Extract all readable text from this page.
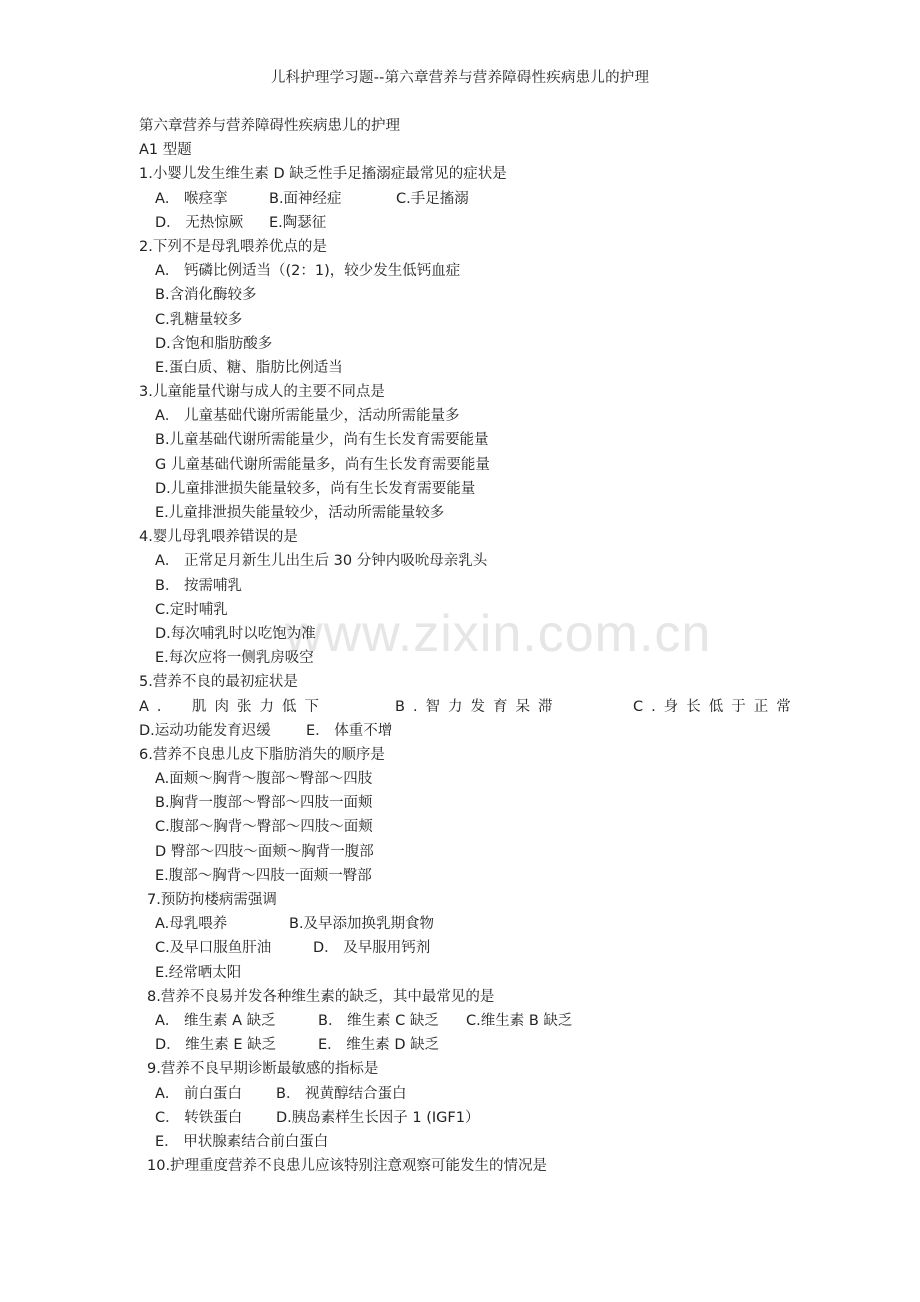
儿科护理学习题--第六章营养与营养障碍性疾病患儿的护理
www.zixin.com.cn
第六章营养与营养障碍性疾病患儿的护理
A1 型题
1.小婴儿发生维生素 D 缺乏性手足搐溺症最常见的症状是
A． 喉痉挛	B.面神经症	C.手足搐溺
D． 无热惊厥 E.陶瑟征
2.下列不是母乳喂养优点的是
A． 钙磷比例适当（(2：1)，较少发生低钙血症
B.含消化酶较多
C.乳糖量较多
D.含饱和脂肪酸多
E.蛋白质、糖、脂肪比例适当
3.儿童能量代谢与成人的主要不同点是
A． 儿童基础代谢所需能量少，活动所需能量多
B.儿童基础代谢所需能量少，尚有生长发育需要能量
G 儿童基础代谢所需能量多，尚有生长发育需要能量
D.儿童排泄损失能量较多，尚有生长发育需要能量
E.儿童排泄损失能量较少，活动所需能量较多
4.婴儿母乳喂养错误的是
A． 正常足月新生儿出生后 30 分钟内吸吮母亲乳头
B． 按需哺乳
C.定时哺乳
D.每次哺乳时以吃饱为准
E.每次应将一侧乳房吸空
5.营养不良的最初症状是
A． 肌肉张力低下	B.智力发育呆滞	C.身长低于正常
D.运动功能发育迟缓 E． 体重不增
6.营养不良患儿皮下脂肪消失的顺序是
A.面颊～胸背～腹部～臀部～四肢
B.胸背一腹部～臀部～四肢一面颊
C.腹部～胸背～臀部～四肢～面颊
D 臀部～四肢～面颊～胸背一腹部
E.腹部～胸背～四肢一面颊一臀部
7.预防拘楼病需强调
A.母乳喂养	B.及早添加换乳期食物
C.及早口服鱼肝油	D． 及早服用钙剂
E.经常晒太阳
8.营养不良易并发各种维生素的缺乏，其中最常见的是
A． 维生素 A 缺乏	B． 维生素 C 缺乏 C.维生素 B 缺乏
D． 维生素 E 缺乏	E． 维生素 D 缺乏
9.营养不良早期诊断最敏感的指标是
A． 前白蛋白 B． 视黄醇结合蛋白
C． 转铁蛋白 D.胰岛素样生长因子 1 (IGF1）
E． 甲状腺素结合前白蛋白
10.护理重度营养不良患儿应该特别注意观察可能发生的情况是
